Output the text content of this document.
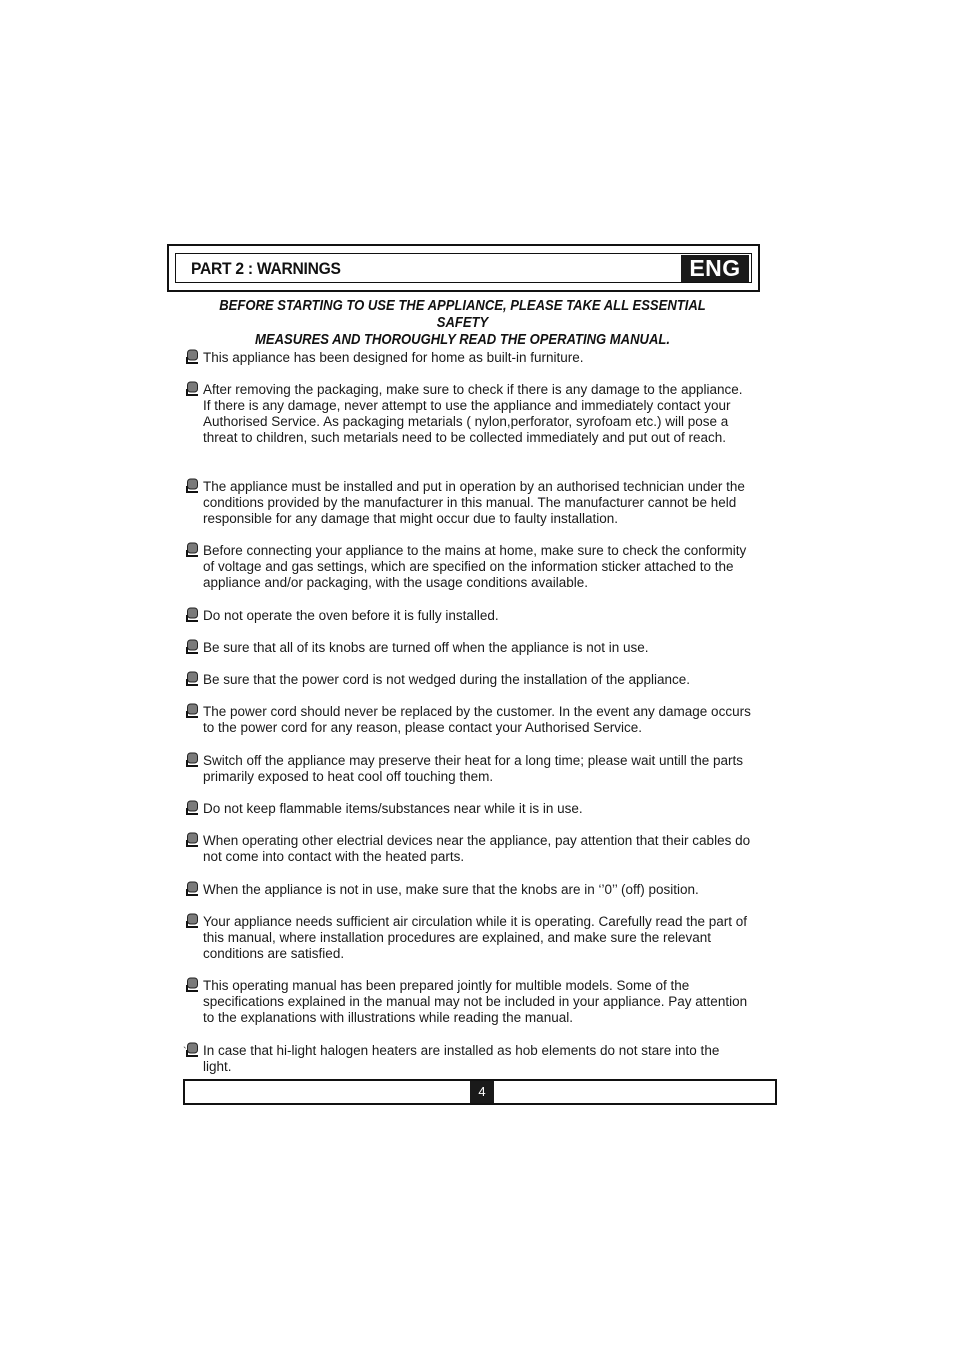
PART 2 : WARNINGS	ENG
BEFORE STARTING TO USE THE APPLIANCE, PLEASE TAKE ALL ESSENTIAL SAFETY
MEASURES AND THOROUGHLY READ THE OPERATING MANUAL.
This appliance has been designed for home as built-in furniture.
After removing the packaging, make sure to check if there is any damage to the appliance. If there is any damage, never attempt to use the appliance and immediately contact your Authorised Service. As packaging metarials ( nylon,perforator, syrofoam etc.) will pose a threat to children, such metarials need to be collected immediately and put out of reach.
The appliance must be installed and put in operation by an authorised technician under the conditions provided by the manufacturer in this manual. The manufacturer cannot be held responsible for any damage that might occur due to faulty installation.
Before connecting your appliance to the mains at home, make sure to check the conformity of voltage and gas settings, which are specified on the information sticker attached to the appliance and/or packaging, with the usage conditions available.
Do not operate the oven before it is fully installed.
Be sure that all of its knobs are turned off when the appliance is not in use.
Be sure that the power cord is not wedged during the installation of the appliance.
The power cord should never be replaced by the customer. In the event any damage occurs to the power cord for any reason, please contact your Authorised Service.
Switch off the appliance may preserve their heat for a long time; please wait untill the parts primarily exposed to heat cool off touching them.
Do not keep flammable items/substances near while it is in use.
When operating other electrial devices near the appliance, pay attention that their cables do not come into contact with the heated parts.
When the appliance is not in use, make sure that the knobs are in ‘’0’’ (off) position.
Your appliance needs sufficient air circulation while it is operating. Carefully read the part of this manual, where installation procedures are explained, and make sure the relevant conditions are satisfied.
This operating manual has been prepared jointly for multible models. Some of the specifications explained in the manual may not be included in your appliance. Pay attention to the explanations with illustrations while reading the manual.
In case that hi-light halogen heaters are installed as hob elements do not stare into the light.
`
4
